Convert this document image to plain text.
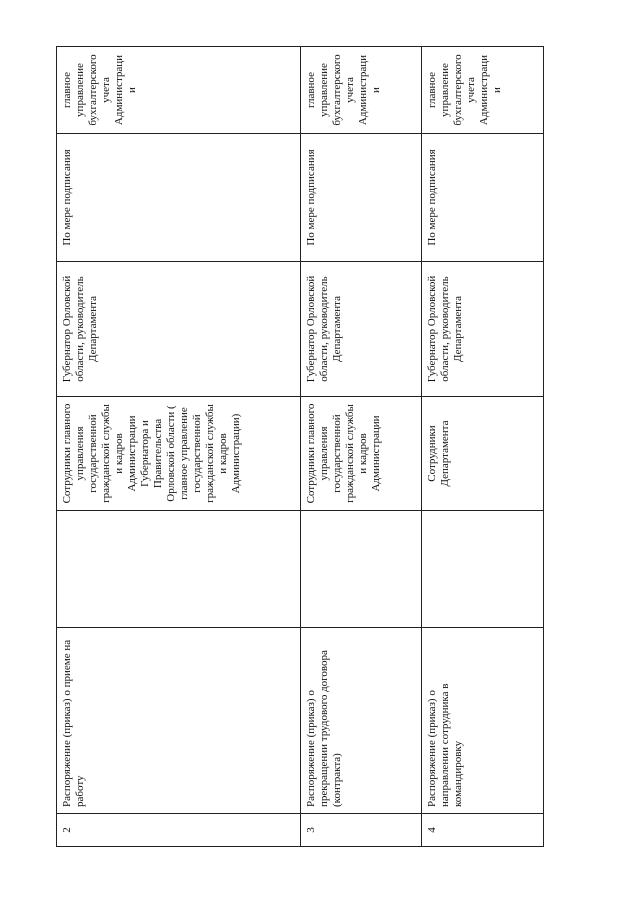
2	Распоряжение (приказ) о приеме на работу		Сотрудники главного управления государственной гражданской службы и кадров Администрации Губернатора и Правительства Орловской области ( главное управление государственной гражданской службы и кадров Администрации)	Губернатор Орловской области, руководитель Департамента	По мере подписания	главное управление бухгалтерского учета Администрации
3	Распоряжение (приказ) о прекращении трудового договора (контракта)		Сотрудники главного управления государственной гражданской службы и кадров Администрации	Губернатор Орловской области, руководитель Департамента	По мере подписания	главное управление бухгалтерского учета Администрации
4	Распоряжение (приказ) о направлении сотрудника в командировку		Сотрудники Департамента	Губернатор Орловской области, руководитель Департамента	По мере подписания	главное управление бухгалтерского учета Администрации
